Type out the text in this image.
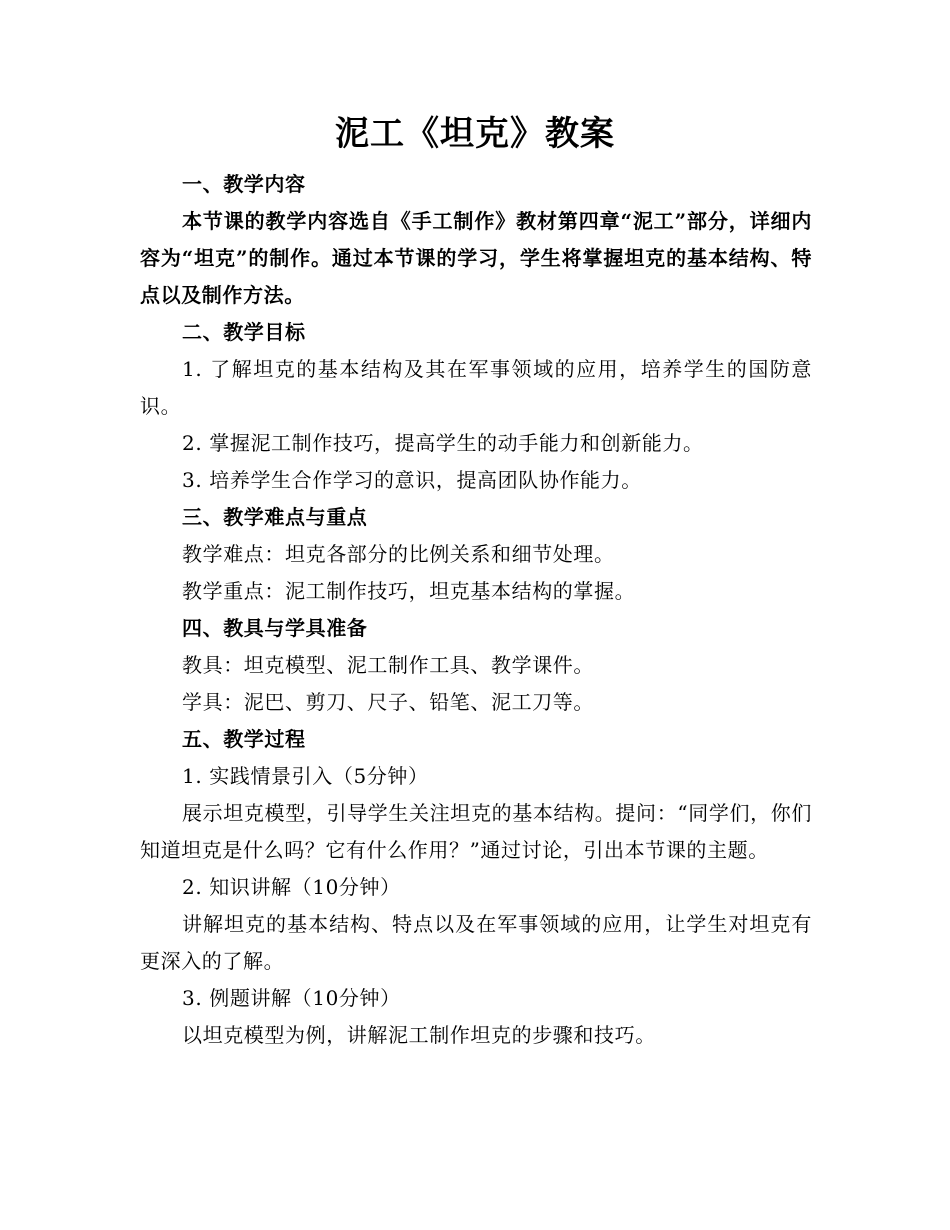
泥工《坦克》教案

一、教学内容

本节课的教学内容选自《手工制作》教材第四章“泥工”部分，详细内容为“坦克”的制作。通过本节课的学习，学生将掌握坦克的基本结构、特点以及制作方法。

二、教学目标

1. 了解坦克的基本结构及其在军事领域的应用，培养学生的国防意识。

2. 掌握泥工制作技巧，提高学生的动手能力和创新能力。

3. 培养学生合作学习的意识，提高团队协作能力。

三、教学难点与重点

教学难点：坦克各部分的比例关系和细节处理。

教学重点：泥工制作技巧，坦克基本结构的掌握。

四、教具与学具准备

教具：坦克模型、泥工制作工具、教学课件。

学具：泥巴、剪刀、尺子、铅笔、泥工刀等。

五、教学过程

1. 实践情景引入（5分钟）

展示坦克模型，引导学生关注坦克的基本结构。提问：“同学们，你们知道坦克是什么吗？它有什么作用？”通过讨论，引出本节课的主题。

2. 知识讲解（10分钟）

讲解坦克的基本结构、特点以及在军事领域的应用，让学生对坦克有更深入的了解。

3. 例题讲解（10分钟）

以坦克模型为例，讲解泥工制作坦克的步骤和技巧。
